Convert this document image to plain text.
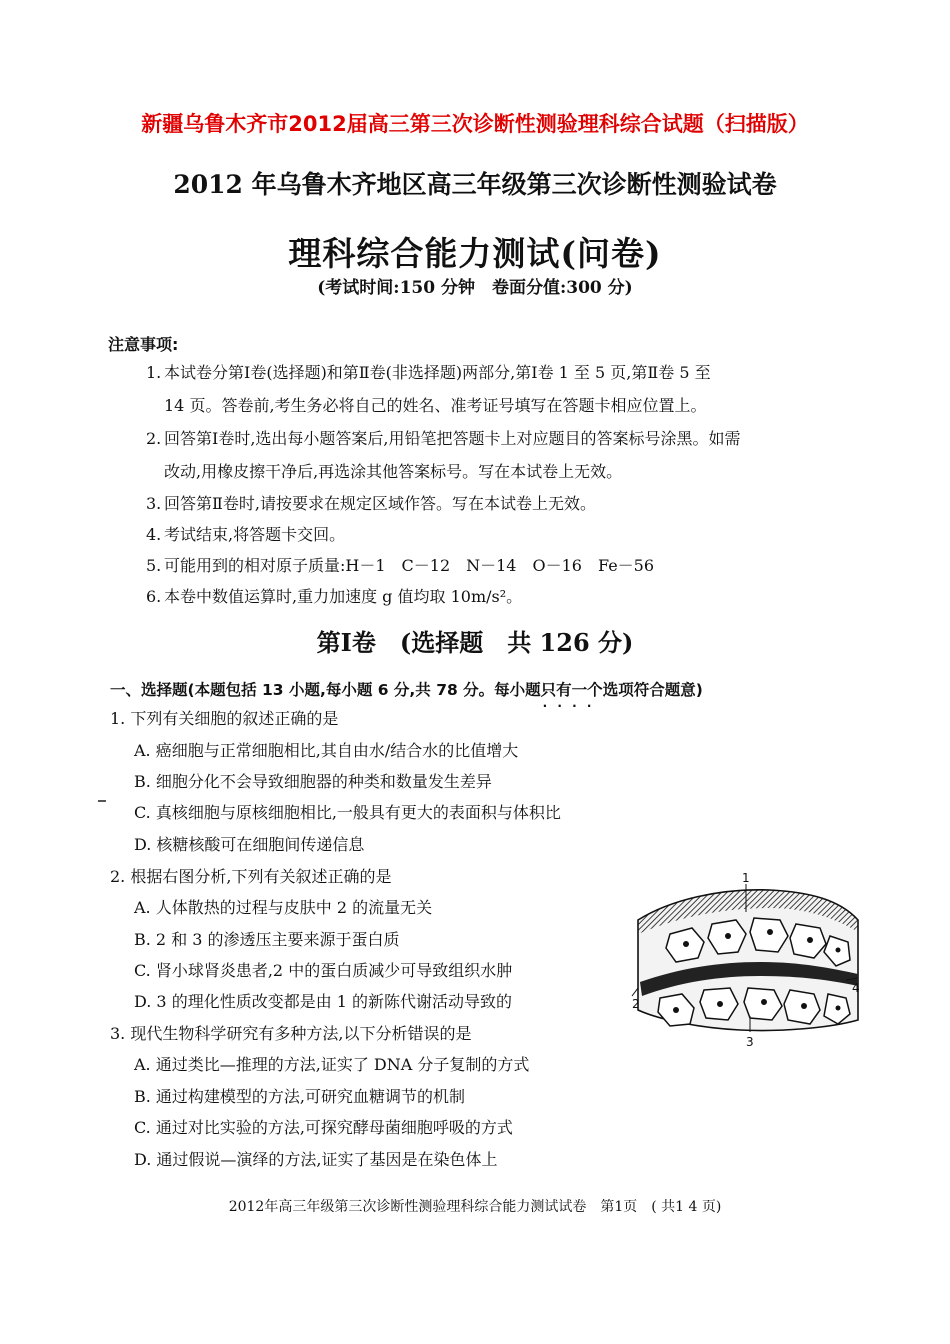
新疆乌鲁木齐市2012届高三第三次诊断性测验理科综合试题（扫描版）
2012 年乌鲁木齐地区高三年级第三次诊断性测验试卷
理科综合能力测试(问卷)
(考试时间:150 分钟　卷面分值:300 分)
注意事项:
1. 本试卷分第Ⅰ卷(选择题)和第Ⅱ卷(非选择题)两部分,第Ⅰ卷 1 至 5 页,第Ⅱ卷 5 至
14 页。答卷前,考生务必将自己的姓名、准考证号填写在答题卡相应位置上。
2. 回答第Ⅰ卷时,选出每小题答案后,用铅笔把答题卡上对应题目的答案标号涂黑。如需
改动,用橡皮擦干净后,再选涂其他答案标号。写在本试卷上无效。
3. 回答第Ⅱ卷时,请按要求在规定区域作答。写在本试卷上无效。
4. 考试结束,将答题卡交回。
5. 可能用到的相对原子质量:H－1　C－12　N－14　O－16　Fe－56
6. 本卷中数值运算时,重力加速度 g 值均取 10m/s²。
第Ⅰ卷　(选择题　共 126 分)
一、选择题(本题包括 13 小题,每小题 6 分,共 78 分。每小题只有一个 · · · ·选项符合题意)
1. 下列有关细胞的叙述正确的是
A. 癌细胞与正常细胞相比,其自由水/结合水的比值增大
B. 细胞分化不会导致细胞器的种类和数量发生差异
C. 真核细胞与原核细胞相比,一般具有更大的表面积与体积比
D. 核糖核酸可在细胞间传递信息
2. 根据右图分析,下列有关叙述正确的是
A. 人体散热的过程与皮肤中 2 的流量无关
B. 2 和 3 的渗透压主要来源于蛋白质
C. 肾小球肾炎患者,2 中的蛋白质减少可导致组织水肿
D. 3 的理化性质改变都是由 1 的新陈代谢活动导致的
1
2
3
4
3. 现代生物科学研究有多种方法,以下分析错误的是
A. 通过类比—推理的方法,证实了 DNA 分子复制的方式
B. 通过构建模型的方法,可研究血糖调节的机制
C. 通过对比实验的方法,可探究酵母菌细胞呼吸的方式
D. 通过假说—演绎的方法,证实了基因是在染色体上
2012年高三年级第三次诊断性测验理科综合能力测试试卷　第1页　( 共1 4 页)
